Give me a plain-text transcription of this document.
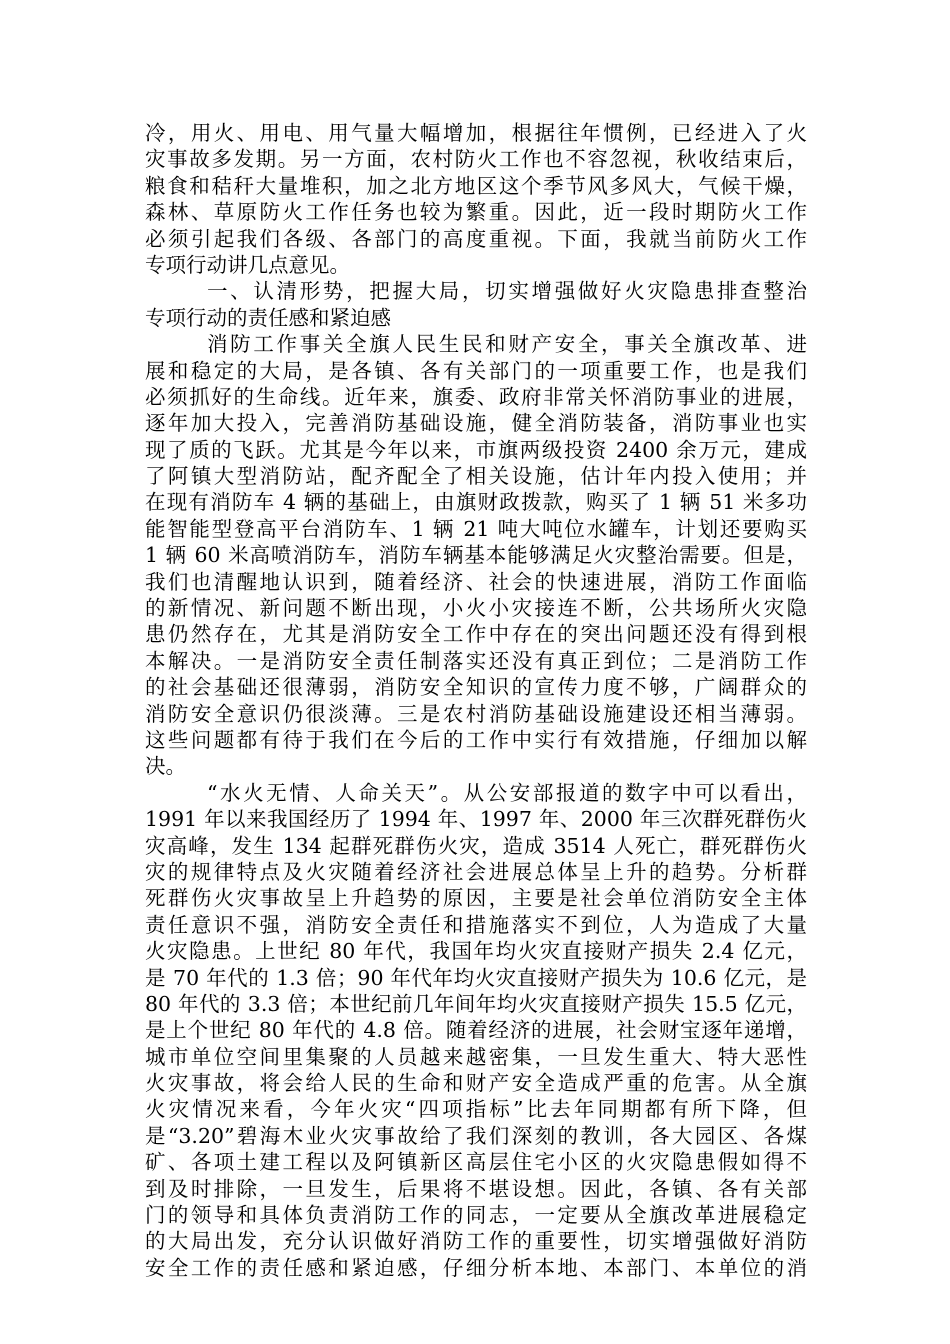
冷，用火、用电、用气量大幅增加，根据往年惯例，已经进入了火
灾事故多发期。另一方面，农村防火工作也不容忽视，秋收结束后，
粮食和秸秆大量堆积，加之北方地区这个季节风多风大，气候干燥，
森林、草原防火工作任务也较为繁重。因此，近一段时期防火工作
必须引起我们各级、各部门的高度重视。下面，我就当前防火工作
专项行动讲几点意见。
一、认清形势，把握大局，切实增强做好火灾隐患排查整治
专项行动的责任感和紧迫感
消防工作事关全旗人民生民和财产安全，事关全旗改革、进
展和稳定的大局，是各镇、各有关部门的一项重要工作，也是我们
必须抓好的生命线。近年来，旗委、政府非常关怀消防事业的进展，
逐年加大投入，完善消防基础设施，健全消防装备，消防事业也实
现了质的飞跃。尤其是今年以来，市旗两级投资 2400 余万元，建成
了阿镇大型消防站，配齐配全了相关设施，估计年内投入使用；并
在现有消防车 4 辆的基础上，由旗财政拨款，购买了 1 辆 51 米多功
能智能型登高平台消防车、1 辆 21 吨大吨位水罐车，计划还要购买
1 辆 60 米高喷消防车，消防车辆基本能够满足火灾整治需要。但是，
我们也清醒地认识到，随着经济、社会的快速进展，消防工作面临
的新情况、新问题不断出现，小火小灾接连不断，公共场所火灾隐
患仍然存在，尤其是消防安全工作中存在的突出问题还没有得到根
本解决。一是消防安全责任制落实还没有真正到位；二是消防工作
的社会基础还很薄弱，消防安全知识的宣传力度不够，广阔群众的
消防安全意识仍很淡薄。三是农村消防基础设施建设还相当薄弱。
这些问题都有待于我们在今后的工作中实行有效措施，仔细加以解
决。
“水火无情、人命关天”。从公安部报道的数字中可以看出，
1991 年以来我国经历了 1994 年、1997 年、2000 年三次群死群伤火
灾高峰，发生 134 起群死群伤火灾，造成 3514 人死亡，群死群伤火
灾的规律特点及火灾随着经济社会进展总体呈上升的趋势。分析群
死群伤火灾事故呈上升趋势的原因，主要是社会单位消防安全主体
责任意识不强，消防安全责任和措施落实不到位，人为造成了大量
火灾隐患。上世纪 80 年代，我国年均火灾直接财产损失 2.4 亿元，
是 70 年代的 1.3 倍；90 年代年均火灾直接财产损失为 10.6 亿元，是
80 年代的 3.3 倍；本世纪前几年间年均火灾直接财产损失 15.5 亿元，
是上个世纪 80 年代的 4.8 倍。随着经济的进展，社会财宝逐年递增，
城市单位空间里集聚的人员越来越密集，一旦发生重大、特大恶性
火灾事故，将会给人民的生命和财产安全造成严重的危害。从全旗
火灾情况来看，今年火灾“四项指标”比去年同期都有所下降，但
是“3.20”碧海木业火灾事故给了我们深刻的教训，各大园区、各煤
矿、各项土建工程以及阿镇新区高层住宅小区的火灾隐患假如得不
到及时排除，一旦发生，后果将不堪设想。因此，各镇、各有关部
门的领导和具体负责消防工作的同志，一定要从全旗改革进展稳定
的大局出发，充分认识做好消防工作的重要性，切实增强做好消防
安全工作的责任感和紧迫感，仔细分析本地、本部门、本单位的消
